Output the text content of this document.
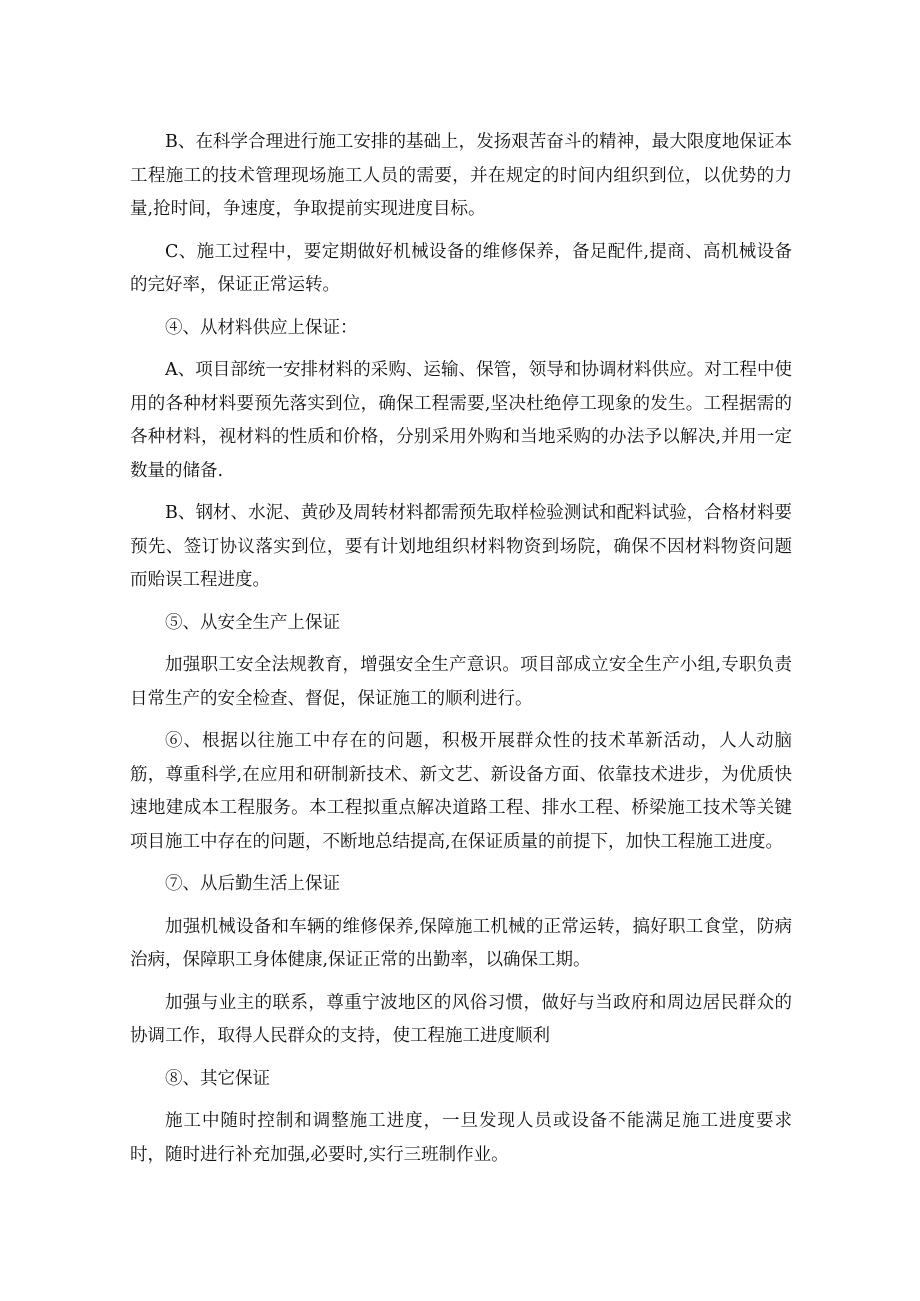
B、在科学合理进行施工安排的基础上，发扬艰苦奋斗的精神，最大限度地保证本工程施工的技术管理现场施工人员的需要，并在规定的时间内组织到位，以优势的力量,抢时间，争速度，争取提前实现进度目标。

C、施工过程中，要定期做好机械设备的维修保养，备足配件,提商、高机械设备的完好率，保证正常运转。

④、从材料供应上保证：

A、项目部统一安排材料的采购、运输、保管，领导和协调材料供应。对工程中使用的各种材料要预先落实到位，确保工程需要,坚决杜绝停工现象的发生。工程据需的各种材料，视材料的性质和价格，分别采用外购和当地采购的办法予以解决,并用一定数量的储备.

B、钢材、水泥、黄砂及周转材料都需预先取样检验测试和配料试验，合格材料要预先、签订协议落实到位，要有计划地组织材料物资到场院，确保不因材料物资问题而贻误工程进度。

⑤、从安全生产上保证

加强职工安全法规教育，增强安全生产意识。项目部成立安全生产小组,专职负责日常生产的安全检查、督促，保证施工的顺利进行。

⑥、根据以往施工中存在的问题，积极开展群众性的技术革新活动，人人动脑筋，尊重科学,在应用和研制新技术、新文艺、新设备方面、依靠技术进步，为优质快速地建成本工程服务。本工程拟重点解决道路工程、排水工程、桥梁施工技术等关键项目施工中存在的问题，不断地总结提高,在保证质量的前提下，加快工程施工进度。

⑦、从后勤生活上保证

加强机械设备和车辆的维修保养,保障施工机械的正常运转，搞好职工食堂，防病治病，保障职工身体健康,保证正常的出勤率，以确保工期。

加强与业主的联系，尊重宁波地区的风俗习惯，做好与当政府和周边居民群众的协调工作，取得人民群众的支持，使工程施工进度顺利

⑧、其它保证

施工中随时控制和调整施工进度，一旦发现人员或设备不能满足施工进度要求时，随时进行补充加强,必要时,实行三班制作业。
